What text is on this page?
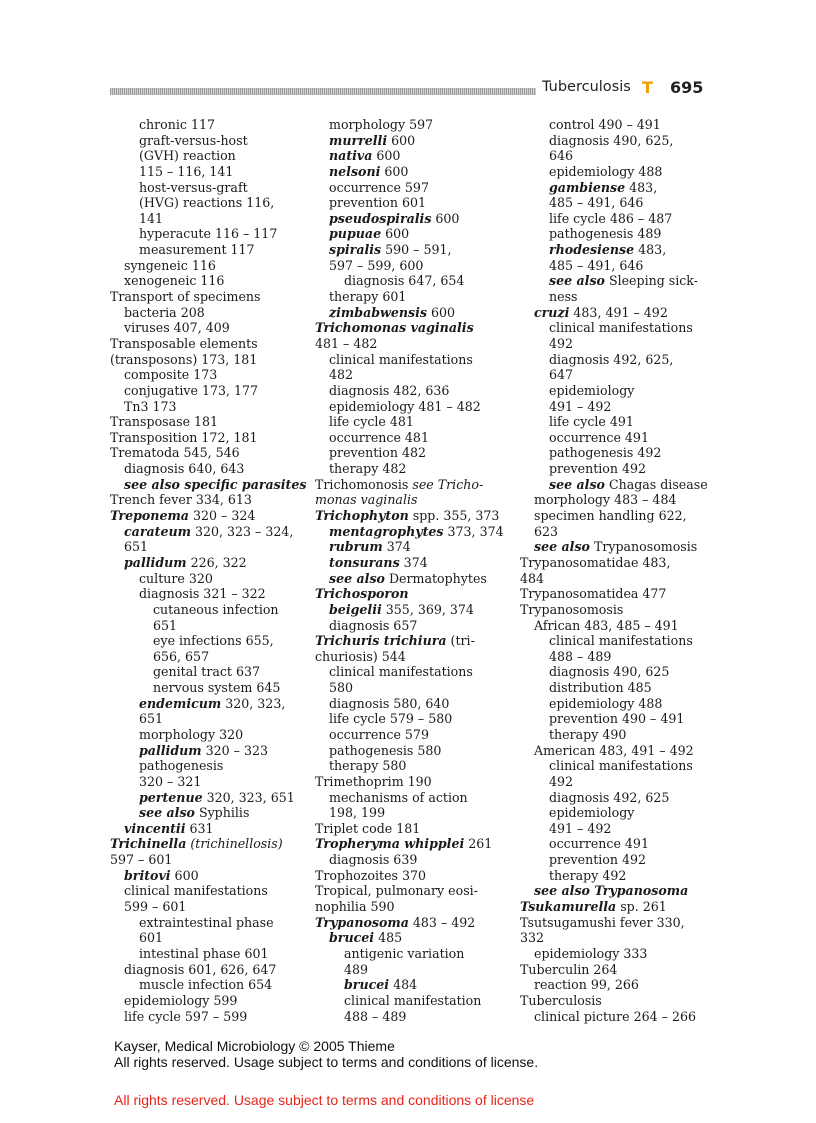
Tuberculosis T 695
chronic 117
graft-versus-host
(GVH) reaction
115 – 116, 141
host-versus-graft
(HVG) reactions 116,
141
hyperacute 116 – 117
measurement 117
syngeneic 116
xenogeneic 116
Transport of specimens
bacteria 208
viruses 407, 409
Transposable elements
(transposons) 173, 181
composite 173
conjugative 173, 177
Tn3 173
Transposase 181
Transposition 172, 181
Trematoda 545, 546
diagnosis 640, 643
see also specific parasites
Trench fever 334, 613
Treponema 320 – 324
carateum 320, 323 – 324,
651
pallidum 226, 322
culture 320
diagnosis 321 – 322
cutaneous infection
651
eye infections 655,
656, 657
genital tract 637
nervous system 645
endemicum 320, 323,
651
morphology 320
pallidum 320 – 323
pathogenesis
320 – 321
pertenue 320, 323, 651
see also Syphilis
vincentii 631
Trichinella (trichinellosis)
597 – 601
britovi 600
clinical manifestations
599 – 601
extraintestinal phase
601
intestinal phase 601
diagnosis 601, 626, 647
muscle infection 654
epidemiology 599
life cycle 597 – 599
morphology 597
murrelli 600
nativa 600
nelsoni 600
occurrence 597
prevention 601
pseudospiralis 600
pupuae 600
spiralis 590 – 591,
597 – 599, 600
diagnosis 647, 654
therapy 601
zimbabwensis 600
Trichomonas vaginalis
481 – 482
clinical manifestations
482
diagnosis 482, 636
epidemiology 481 – 482
life cycle 481
occurrence 481
prevention 482
therapy 482
Trichomonosis see Tricho-
monas vaginalis
Trichophyton spp. 355, 373
mentagrophytes 373, 374
rubrum 374
tonsurans 374
see also Dermatophytes
Trichosporon
beigelii 355, 369, 374
diagnosis 657
Trichuris trichiura (tri-
churiosis) 544
clinical manifestations
580
diagnosis 580, 640
life cycle 579 – 580
occurrence 579
pathogenesis 580
therapy 580
Trimethoprim 190
mechanisms of action
198, 199
Triplet code 181
Tropheryma whipplei 261
diagnosis 639
Trophozoites 370
Tropical, pulmonary eosi-
nophilia 590
Trypanosoma 483 – 492
brucei 485
antigenic variation
489
brucei 484
clinical manifestation
488 – 489
control 490 – 491
diagnosis 490, 625,
646
epidemiology 488
gambiense 483,
485 – 491, 646
life cycle 486 – 487
pathogenesis 489
rhodesiense 483,
485 – 491, 646
see also Sleeping sick-
ness
cruzi 483, 491 – 492
clinical manifestations
492
diagnosis 492, 625,
647
epidemiology
491 – 492
life cycle 491
occurrence 491
pathogenesis 492
prevention 492
see also Chagas disease
morphology 483 – 484
specimen handling 622,
623
see also Trypanosomosis
Trypanosomatidae 483,
484
Trypanosomatidea 477
Trypanosomosis
African 483, 485 – 491
clinical manifestations
488 – 489
diagnosis 490, 625
distribution 485
epidemiology 488
prevention 490 – 491
therapy 490
American 483, 491 – 492
clinical manifestations
492
diagnosis 492, 625
epidemiology
491 – 492
occurrence 491
prevention 492
therapy 492
see also Trypanosoma
Tsukamurella sp. 261
Tsutsugamushi fever 330,
332
epidemiology 333
Tuberculin 264
reaction 99, 266
Tuberculosis
clinical picture 264 – 266
Kayser, Medical Microbiology © 2005 Thieme
All rights reserved. Usage subject to terms and conditions of license.
All rights reserved. Usage subject to terms and conditions of license
